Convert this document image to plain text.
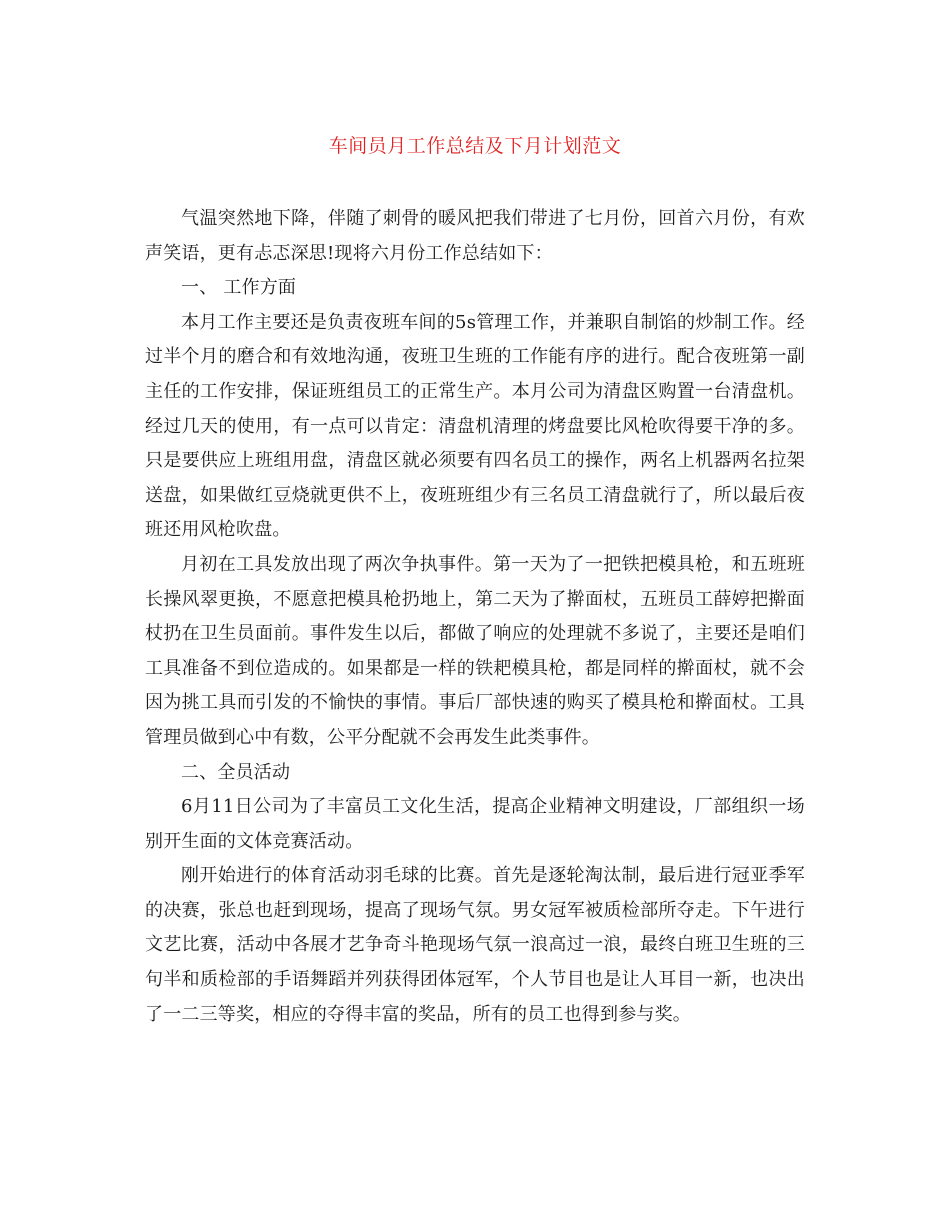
车间员月工作总结及下月计划范文

气温突然地下降，伴随了刺骨的暖风把我们带进了七月份，回首六月份，有欢声笑语，更有忐忑深思!现将六月份工作总结如下：

一、 工作方面

本月工作主要还是负责夜班车间的5s管理工作，并兼职自制馅的炒制工作。经过半个月的磨合和有效地沟通，夜班卫生班的工作能有序的进行。配合夜班第一副主任的工作安排，保证班组员工的正常生产。本月公司为清盘区购置一台清盘机。经过几天的使用，有一点可以肯定：清盘机清理的烤盘要比风枪吹得要干净的多。只是要供应上班组用盘，清盘区就必须要有四名员工的操作，两名上机器两名拉架送盘，如果做红豆烧就更供不上，夜班班组少有三名员工清盘就行了，所以最后夜班还用风枪吹盘。

月初在工具发放出现了两次争执事件。第一天为了一把铁把模具枪，和五班班长操风翠更换，不愿意把模具枪扔地上，第二天为了擀面杖，五班员工薛婷把擀面杖扔在卫生员面前。事件发生以后，都做了响应的处理就不多说了，主要还是咱们工具准备不到位造成的。如果都是一样的铁耙模具枪，都是同样的擀面杖，就不会因为挑工具而引发的不愉快的事情。事后厂部快速的购买了模具枪和擀面杖。工具管理员做到心中有数，公平分配就不会再发生此类事件。

二、全员活动

6月11日公司为了丰富员工文化生活，提高企业精神文明建设，厂部组织一场别开生面的文体竞赛活动。

刚开始进行的体育活动羽毛球的比赛。首先是逐轮淘汰制，最后进行冠亚季军的决赛，张总也赶到现场，提高了现场气氛。男女冠军被质检部所夺走。下午进行文艺比赛，活动中各展才艺争奇斗艳现场气氛一浪高过一浪，最终白班卫生班的三句半和质检部的手语舞蹈并列获得团体冠军，个人节目也是让人耳目一新，也决出了一二三等奖，相应的夺得丰富的奖品，所有的员工也得到参与奖。
